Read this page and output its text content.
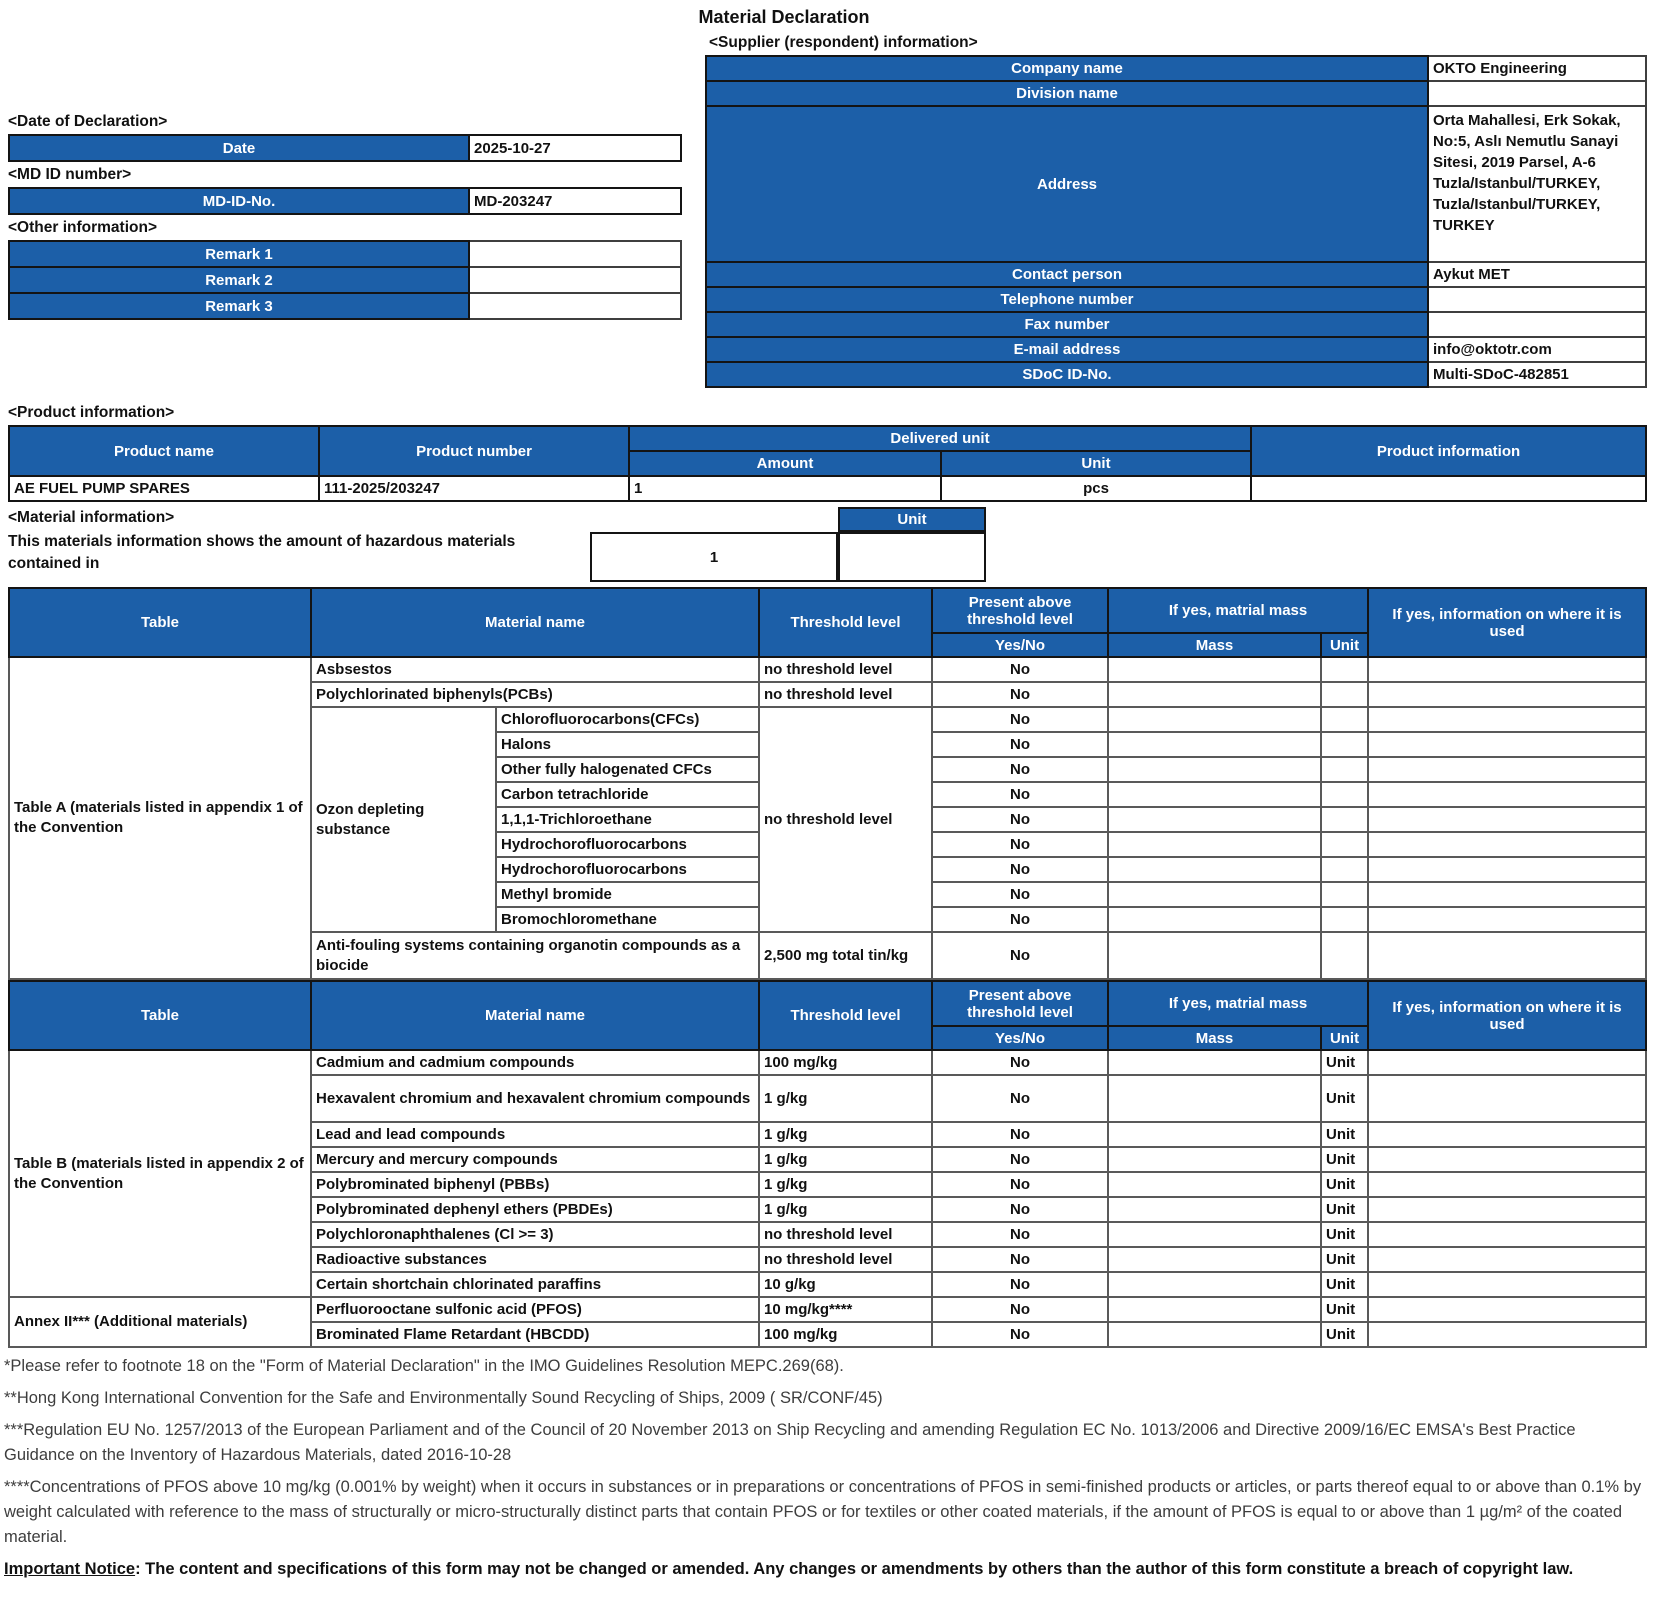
Material Declaration
<Supplier (respondent) information>
Company name	OKTO Engineering
Division name	
Address	Orta Mahallesi, Erk Sokak, No:5, Aslı Nemutlu Sanayi Sitesi, 2019 Parsel, A-6 Tuzla/Istanbul/TURKEY, Tuzla/Istanbul/TURKEY, TURKEY
Contact person	Aykut MET
Telephone number	
Fax number	
E-mail address	info@oktotr.com
SDoC ID-No.	Multi-SDoC-482851
<Date of Declaration>
Date	2025-10-27
<MD ID number>
MD-ID-No.	MD-203247
<Other information>
Remark 1	
Remark 2	
Remark 3	
<Product information>
Product name	Product number	Delivered unit		Product information
		Amount	Unit	
AE FUEL PUMP SPARES	111-2025/203247	1	pcs	
<Material information>
This materials information shows the amount of hazardous materials contained in
Unit
1
Table	Material name		Threshold level	Present above threshold level	If yes, matrial mass		If yes, information on where it is used
				Yes/No	Mass	Unit	
Table A (materials listed in appendix 1 of the Convention	Asbsestos		no threshold level	No			
	Polychlorinated biphenyls(PCBs)		no threshold level	No			
	Ozon depleting substance	Chlorofluorocarbons(CFCs)	no threshold level	No			
		Halons		No			
		Other fully halogenated CFCs		No			
		Carbon tetrachloride		No			
		1,1,1-Trichloroethane		No			
		Hydrochorofluorocarbons		No			
		Hydrochorofluorocarbons		No			
		Methyl bromide		No			
		Bromochloromethane		No			
	Anti-fouling systems containing organotin compounds as a biocide		2,500 mg total tin/kg	No			
Table	Material name	Threshold level	Present above threshold level	If yes, matrial mass		If yes, information on where it is used
			Yes/No	Mass	Unit	
Table B (materials listed in appendix 2 of the Convention	Cadmium and cadmium compounds	100 mg/kg	No		Unit	
	Hexavalent chromium and hexavalent chromium compounds	1 g/kg	No		Unit	
	Lead and lead compounds	1 g/kg	No		Unit	
	Mercury and mercury compounds	1 g/kg	No		Unit	
	Polybrominated biphenyl (PBBs)	1 g/kg	No		Unit	
	Polybrominated dephenyl ethers (PBDEs)	1 g/kg	No		Unit	
	Polychloronaphthalenes (Cl >= 3)	no threshold level	No		Unit	
	Radioactive substances	no threshold level	No		Unit	
	Certain shortchain chlorinated paraffins	10 g/kg	No		Unit	
Annex II*** (Additional materials)	Perfluorooctane sulfonic acid (PFOS)	10 mg/kg****	No		Unit	
	Brominated Flame Retardant (HBCDD)	100 mg/kg	No		Unit	

*Please refer to footnote 18 on the "Form of Material Declaration" in the IMO Guidelines Resolution MEPC.269(68).

**Hong Kong International Convention for the Safe and Environmentally Sound Recycling of Ships, 2009 ( SR/CONF/45)

***Regulation EU No. 1257/2013 of the European Parliament and of the Council of 20 November 2013 on Ship Recycling and amending Regulation EC No. 1013/2006 and Directive 2009/16/EC EMSA's Best Practice Guidance on the Inventory of Hazardous Materials, dated 2016-10-28

****Concentrations of PFOS above 10 mg/kg (0.001% by weight) when it occurs in substances or in preparations or concentrations of PFOS in semi-finished products or articles, or parts thereof equal to or above than 0.1% by weight calculated with reference to the mass of structurally or micro-structurally distinct parts that contain PFOS or for textiles or other coated materials, if the amount of PFOS is equal to or above than 1 µg/m² of the coated material.

Important Notice: The content and specifications of this form may not be changed or amended. Any changes or amendments by others than the author of this form constitute a breach of copyright law.
